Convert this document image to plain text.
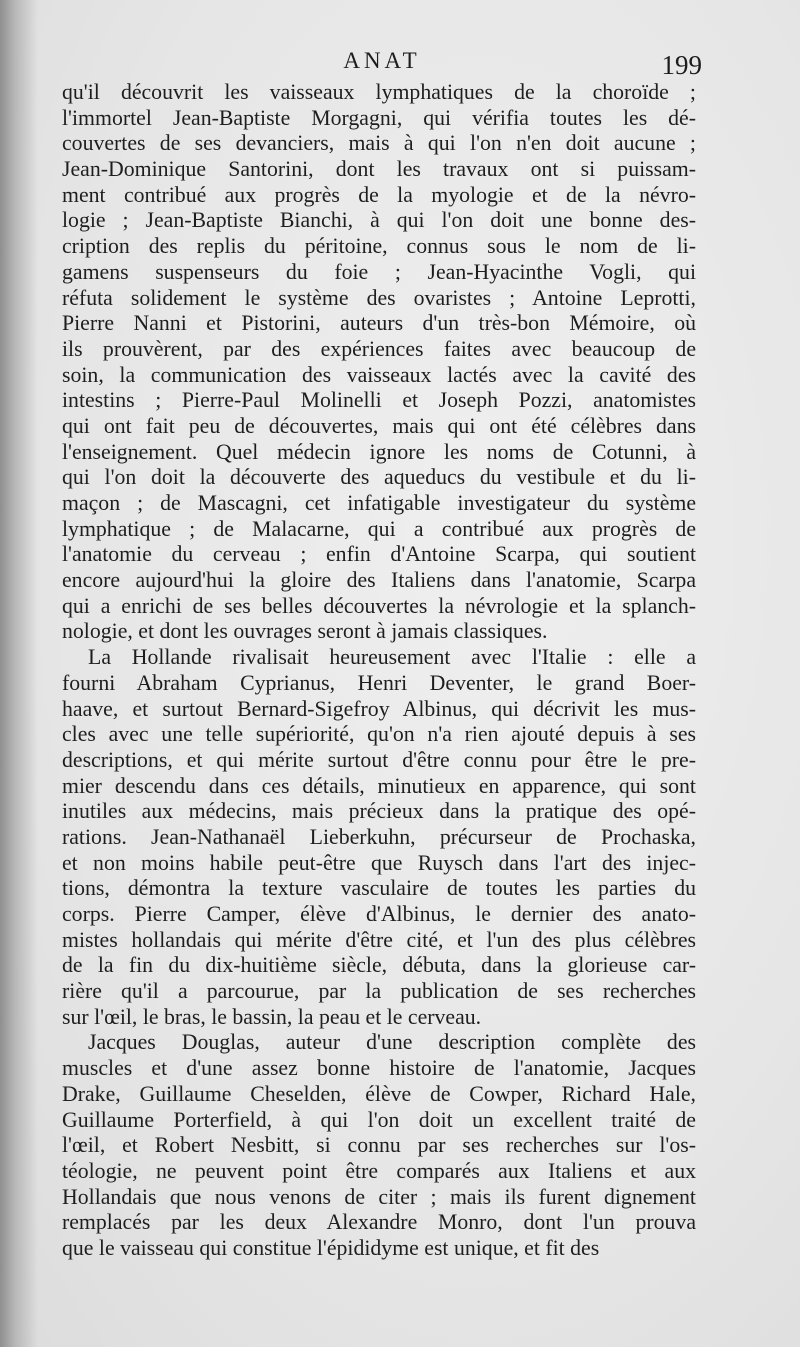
ANAT	199
qu'il découvrit les vaisseaux lymphatiques de la choroïde ;
l'immortel Jean-Baptiste Morgagni, qui vérifia toutes les dé-
couvertes de ses devanciers, mais à qui l'on n'en doit aucune ;
Jean-Dominique Santorini, dont les travaux ont si puissam-
ment contribué aux progrès de la myologie et de la névro-
logie ; Jean-Baptiste Bianchi, à qui l'on doit une bonne des-
cription des replis du péritoine, connus sous le nom de li-
gamens suspenseurs du foie ; Jean-Hyacinthe Vogli, qui
réfuta solidement le système des ovaristes ; Antoine Leprotti,
Pierre Nanni et Pistorini, auteurs d'un très-bon Mémoire, où
ils prouvèrent, par des expériences faites avec beaucoup de
soin, la communication des vaisseaux lactés avec la cavité des
intestins ; Pierre-Paul Molinelli et Joseph Pozzi, anatomistes
qui ont fait peu de découvertes, mais qui ont été célèbres dans
l'enseignement. Quel médecin ignore les noms de Cotunni, à
qui l'on doit la découverte des aqueducs du vestibule et du li-
maçon ; de Mascagni, cet infatigable investigateur du système
lymphatique ; de Malacarne, qui a contribué aux progrès de
l'anatomie du cerveau ; enfin d'Antoine Scarpa, qui soutient
encore aujourd'hui la gloire des Italiens dans l'anatomie, Scarpa
qui a enrichi de ses belles découvertes la névrologie et la splanch-
nologie, et dont les ouvrages seront à jamais classiques.
La Hollande rivalisait heureusement avec l'Italie : elle a
fourni Abraham Cyprianus, Henri Deventer, le grand Boer-
haave, et surtout Bernard-Sigefroy Albinus, qui décrivit les mus-
cles avec une telle supériorité, qu'on n'a rien ajouté depuis à ses
descriptions, et qui mérite surtout d'être connu pour être le pre-
mier descendu dans ces détails, minutieux en apparence, qui sont
inutiles aux médecins, mais précieux dans la pratique des opé-
rations. Jean-Nathanaël Lieberkuhn, précurseur de Prochaska,
et non moins habile peut-être que Ruysch dans l'art des injec-
tions, démontra la texture vasculaire de toutes les parties du
corps. Pierre Camper, élève d'Albinus, le dernier des anato-
mistes hollandais qui mérite d'être cité, et l'un des plus célèbres
de la fin du dix-huitième siècle, débuta, dans la glorieuse car-
rière qu'il a parcourue, par la publication de ses recherches
sur l'œil, le bras, le bassin, la peau et le cerveau.
Jacques Douglas, auteur d'une description complète des
muscles et d'une assez bonne histoire de l'anatomie, Jacques
Drake, Guillaume Cheselden, élève de Cowper, Richard Hale,
Guillaume Porterfield, à qui l'on doit un excellent traité de
l'œil, et Robert Nesbitt, si connu par ses recherches sur l'os-
téologie, ne peuvent point être comparés aux Italiens et aux
Hollandais que nous venons de citer ; mais ils furent dignement
remplacés par les deux Alexandre Monro, dont l'un prouva
que le vaisseau qui constitue l'épididyme est unique, et fit des
